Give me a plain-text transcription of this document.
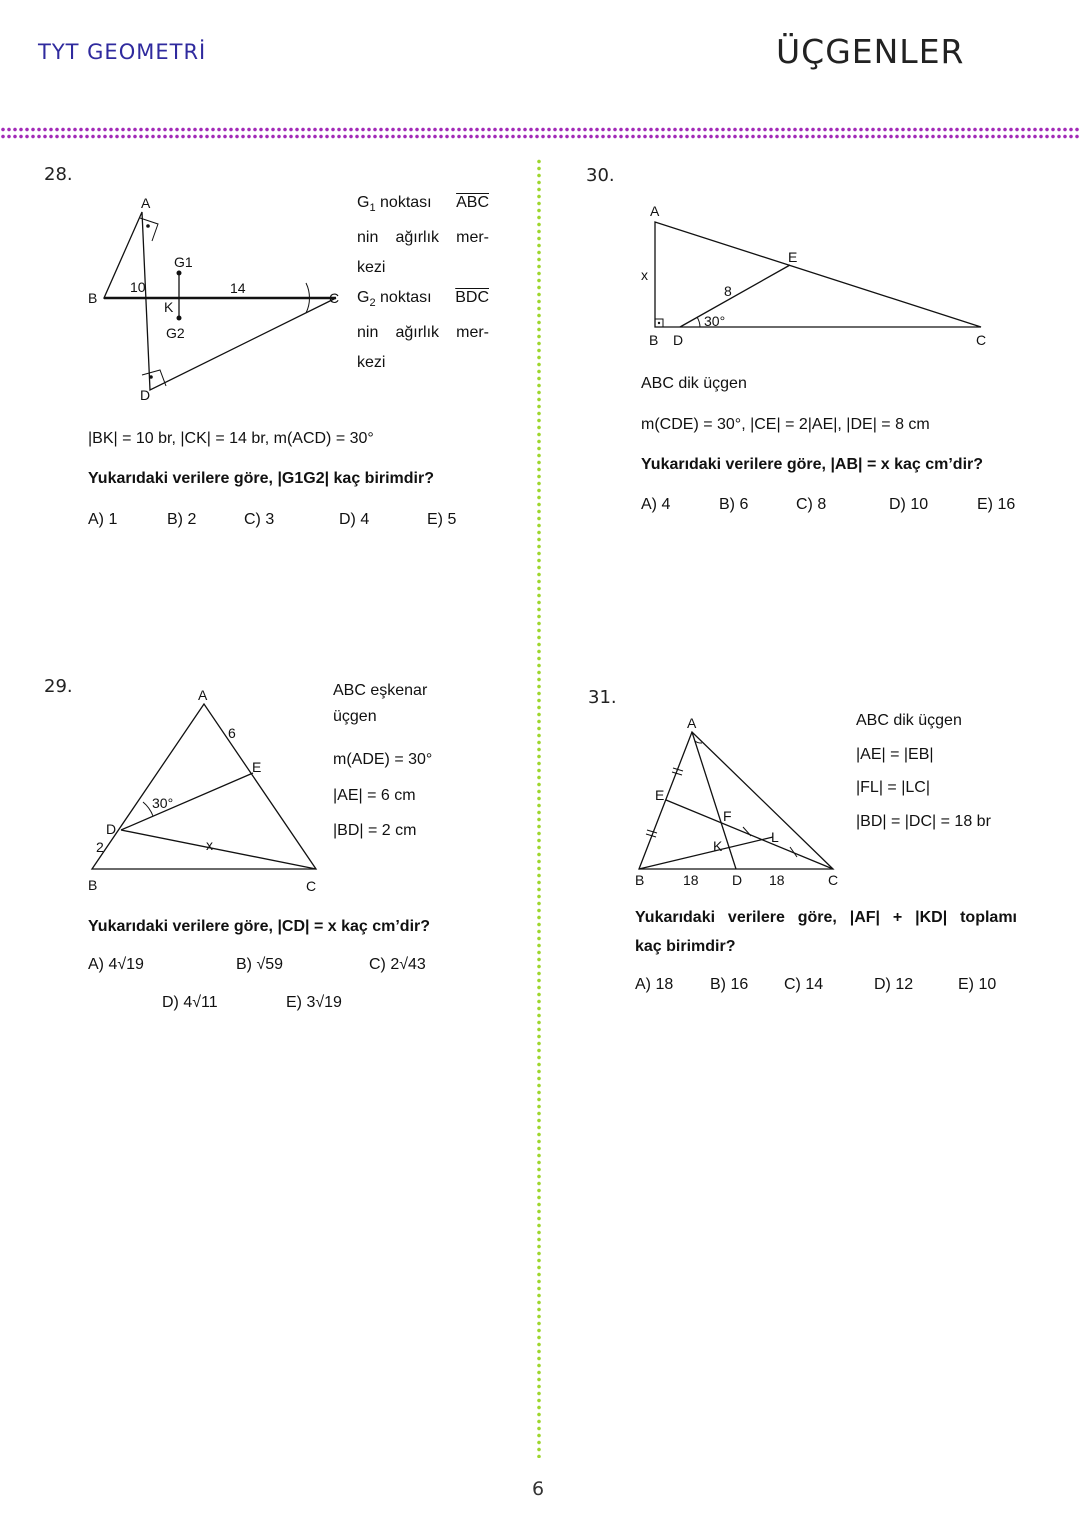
TYT GEOMETRİ	ÜÇGENLER
28.
A
B	C
D
K
G1
G2
10	14
$G_1$ noktası $\overline{ABC}$
nin ağırlık mer-
kezi
$G_2$ noktası $\overline{BDC}$
nin ağırlık mer-
kezi
|BK| = 10 br, |CK| = 14 br, m(ACD) = 30°
Yukarıdaki verilere göre, |G1G2| kaç birimdir?
A) 1	B) 2	C) 3	D) 4	E) 5
29.	A
B	C
D
E
6
2
30°
x
ABC eşkenar
üçgen
m(ADE) = 30°
|AE| = 6 cm
|BD| = 2 cm
Yukarıdaki verilere göre, |CD| = x kaç cm’dir?
A) 4√19	B) √59	C) 2√43
D) 4√11	E) 3√19
30.
A
B D	C
E
x
8
30°
ABC dik üçgen
m(CDE) = 30°, |CE| = 2|AE|, |DE| = 8 cm
Yukarıdaki verilere göre, |AB| = x kaç cm’dir?
A) 4	B) 6	C) 8	D) 10	E) 16
31.
A
B	C
D
E
F
K
L
18	18
ABC dik üçgen
|AE| = |EB|
|FL| = |LC|
|BD| = |DC| = 18 br
Yukarıdaki verilere göre, |AF| + |KD| toplamı
kaç birimdir?
A) 18 B) 16 C) 14	D) 12	E) 10
6
